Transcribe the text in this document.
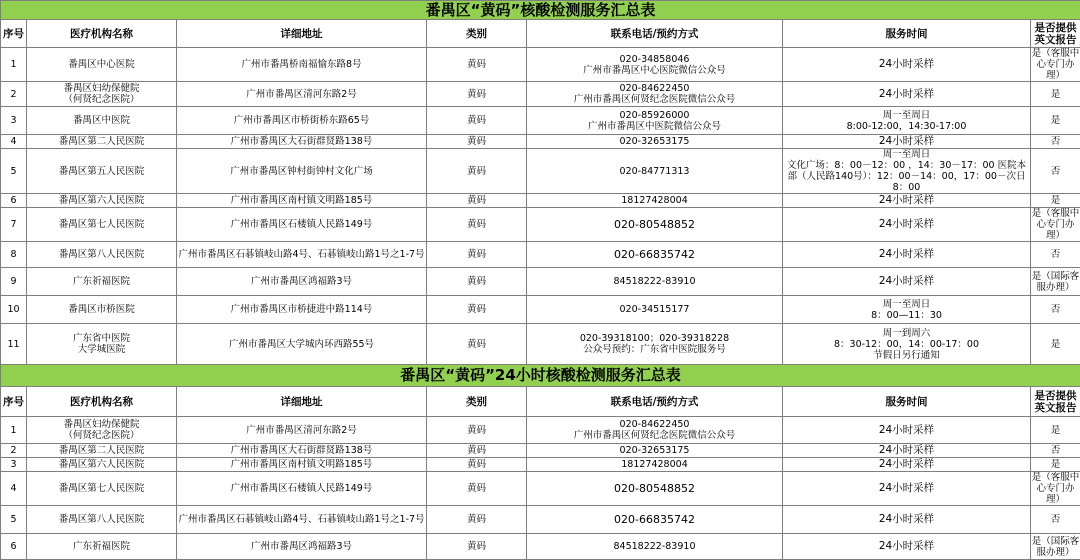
番禺区“黄码”核酸检测服务汇总表						
序号	医疗机构名称	详细地址	类别	联系电话/预约方式	服务时间	是否提供英文报告
1	番禺区中心医院	广州市番禺桥南福愉东路8号	黄码	020-34858046
广州市番禺区中心医院微信公众号	24小时采样	是（客服中心专门办理）
2	番禺区妇幼保健院
（何贤纪念医院）	广州市番禺区清河东路2号	黄码	020-84622450
广州市番禺区何贤纪念医院微信公众号	24小时采样	是
3	番禺区中医院	广州市番禺区市桥街桥东路65号	黄码	020-85926000
广州市番禺区中医院微信公众号	周一至周日
8:00-12:00，14:30-17:00	是
4	番禺区第二人民医院	广州市番禺区大石街群贤路138号	黄码	020-32653175	24小时采样	否
5	番禺区第五人民医院	广州市番禺区钟村街钟村文化广场	黄码	020-84771313	周一至周日
文化广场：8：00－12：00 ，14：30－17：00 医院本部（人民路140号）：12：00－14：00，17：00－次日8：00	否
6	番禺区第六人民医院	广州市番禺区南村镇文明路185号	黄码	18127428004	24小时采样	是
7	番禺区第七人民医院	广州市番禺区石楼镇人民路149号	黄码	020-80548852	24小时采样	是（客服中心专门办理）
8	番禺区第八人民医院	广州市番禺区石碁镇岐山路4号、石碁镇岐山路1号之1-7号	黄码	020-66835742	24小时采样	否
9	广东祈福医院	广州市番禺区鸿福路3号	黄码	84518222-83910	24小时采样	是（国际客服办理）
10	番禺区市桥医院	广州市番禺区市桥捷进中路114号	黄码	020-34515177	周一至周日
8：00—11：30	否
11	广东省中医院
大学城医院	广州市番禺区大学城内环西路55号	黄码	020-39318100；020-39318228
公众号预约：广东省中医院服务号	周一到周六
8：30-12：00，14：00-17：00
节假日另行通知	是
番禺区“黄码”24小时核酸检测服务汇总表						
序号	医疗机构名称	详细地址	类别	联系电话/预约方式	服务时间	是否提供英文报告
1	番禺区妇幼保健院
（何贤纪念医院）	广州市番禺区清河东路2号	黄码	020-84622450
广州市番禺区何贤纪念医院微信公众号	24小时采样	是
2	番禺区第二人民医院	广州市番禺区大石街群贤路138号	黄码	020-32653175	24小时采样	否
3	番禺区第六人民医院	广州市番禺区南村镇文明路185号	黄码	18127428004	24小时采样	是
4	番禺区第七人民医院	广州市番禺区石楼镇人民路149号	黄码	020-80548852	24小时采样	是（客服中心专门办理）
5	番禺区第八人民医院	广州市番禺区石碁镇岐山路4号、石碁镇岐山路1号之1-7号	黄码	020-66835742	24小时采样	否
6	广东祈福医院	广州市番禺区鸿福路3号	黄码	84518222-83910	24小时采样	是（国际客服办理）
